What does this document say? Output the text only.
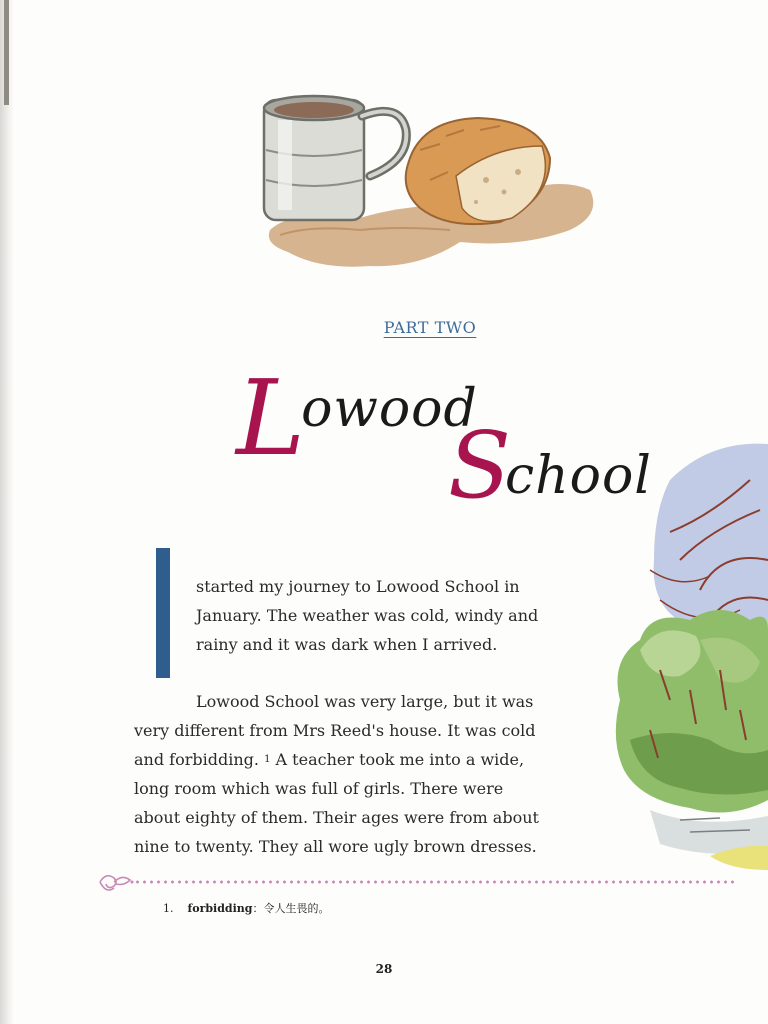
PART TWO
Lowood
School
started my journey to Lowood School in
January. The weather was cold, windy and
rainy and it was dark when I arrived.
Lowood School was very large, but it was
very different from Mrs Reed's house. It was cold
and forbidding. $^1$ A teacher took me into a wide,
long room which was full of girls. There were
about eighty of them. Their ages were from about
nine to twenty. They all wore ugly brown dresses.
1. forbidding：令人生畏的。
28
